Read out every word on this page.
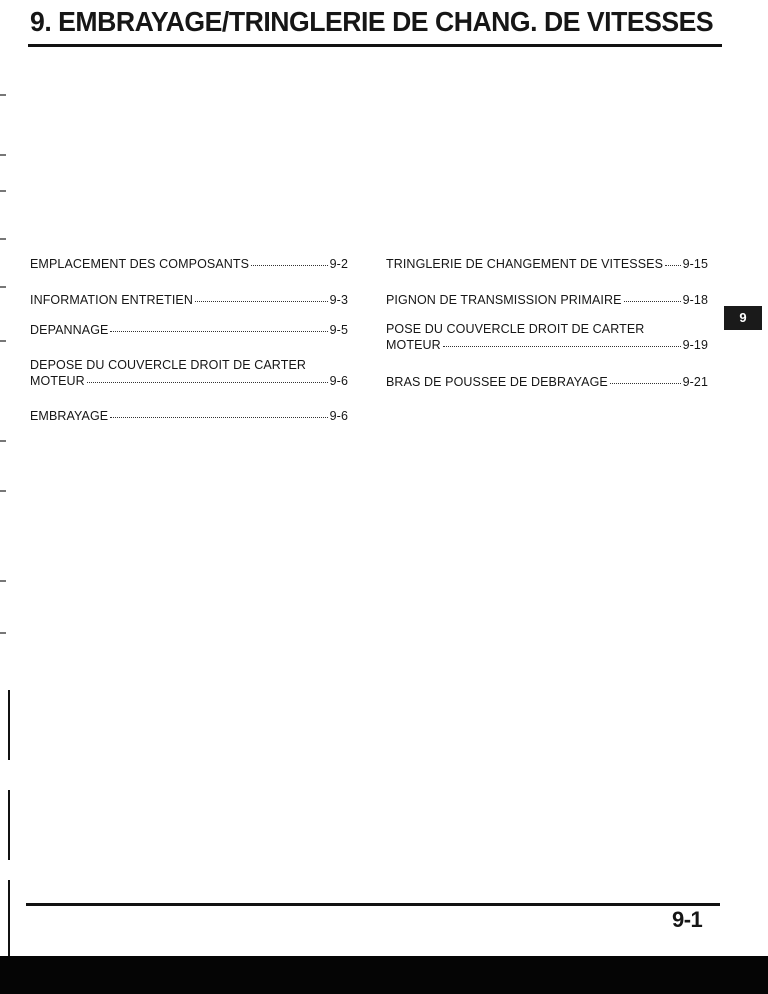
9. EMBRAYAGE/TRINGLERIE DE CHANG. DE VITESSES
EMPLACEMENT DES COMPOSANTS	9-2
INFORMATION ENTRETIEN	9-3
DEPANNAGE	9-5
DEPOSE DU COUVERCLE DROIT DE CARTER
MOTEUR	9-6
EMBRAYAGE	9-6
TRINGLERIE DE CHANGEMENT DE VITESSES 9-15
PIGNON DE TRANSMISSION PRIMAIRE	9-18
POSE DU COUVERCLE DROIT DE CARTER
MOTEUR	9-19
BRAS DE POUSSEE DE DEBRAYAGE	9-21
9
9-1
